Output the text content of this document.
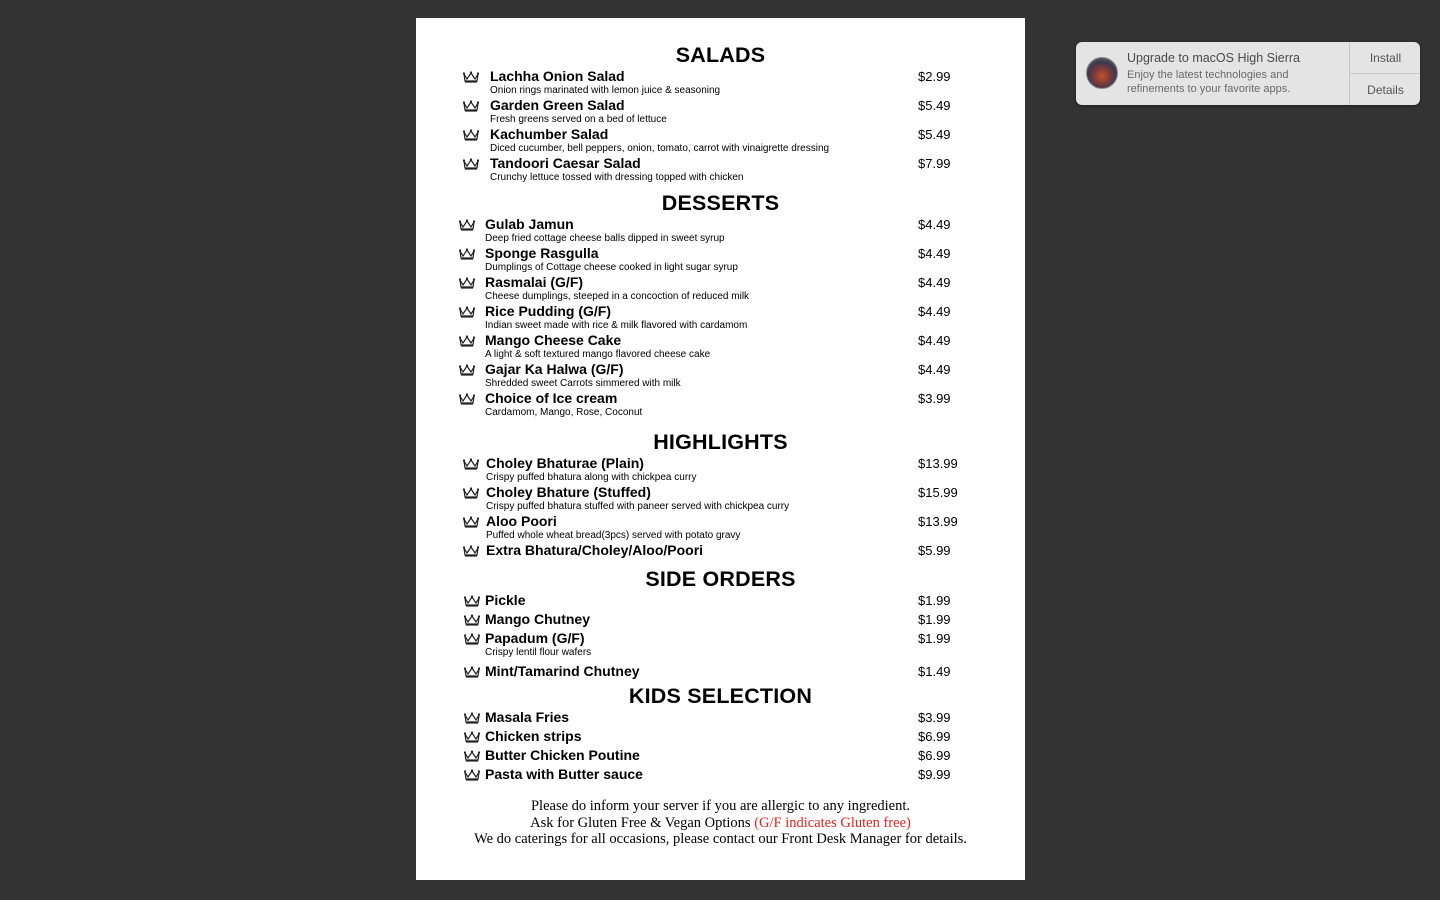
SALADS
Lachha Onion Salad	$2.99
Onion rings marinated with lemon juice & seasoning
Garden Green Salad	$5.49
Fresh greens served on a bed of lettuce
Kachumber Salad	$5.49
Diced cucumber, bell peppers, onion, tomato, carrot with vinaigrette dressing
Tandoori Caesar Salad	$7.99
Crunchy lettuce tossed with dressing topped with chicken
DESSERTS
Gulab Jamun	$4.49
Deep fried cottage cheese balls dipped in sweet syrup
Sponge Rasgulla	$4.49
Dumplings of Cottage cheese cooked in light sugar syrup
Rasmalai (G/F)	$4.49
Cheese dumplings, steeped in a concoction of reduced milk
Rice Pudding (G/F)	$4.49
Indian sweet made with rice & milk flavored with cardamom
Mango Cheese Cake	$4.49
A light & soft textured mango flavored cheese cake
Gajar Ka Halwa (G/F)	$4.49
Shredded sweet Carrots simmered with milk
Choice of Ice cream	$3.99
Cardamom, Mango, Rose, Coconut
HIGHLIGHTS
Choley Bhaturae (Plain)	$13.99
Crispy puffed bhatura along with chickpea curry
Choley Bhature (Stuffed)	$15.99
Crispy puffed bhatura stuffed with paneer served with chickpea curry
Aloo Poori	$13.99
Puffed whole wheat bread(3pcs) served with potato gravy
Extra Bhatura/Choley/Aloo/Poori	$5.99
SIDE ORDERS
Pickle	$1.99
Mango Chutney	$1.99
Papadum (G/F)	$1.99
Crispy lentil flour wafers
Mint/Tamarind Chutney	$1.49
KIDS SELECTION
Masala Fries	$3.99
Chicken strips	$6.99
Butter Chicken Poutine	$6.99
Pasta with Butter sauce	$9.99
Please do inform your server if you are allergic to any ingredient.
Ask for Gluten Free & Vegan Options (G/F indicates Gluten free)
We do caterings for all occasions, please contact our Front Desk Manager for details.
Upgrade to macOS High Sierra
Enjoy the latest technologies and refinements to your favorite apps.
Install
Details
